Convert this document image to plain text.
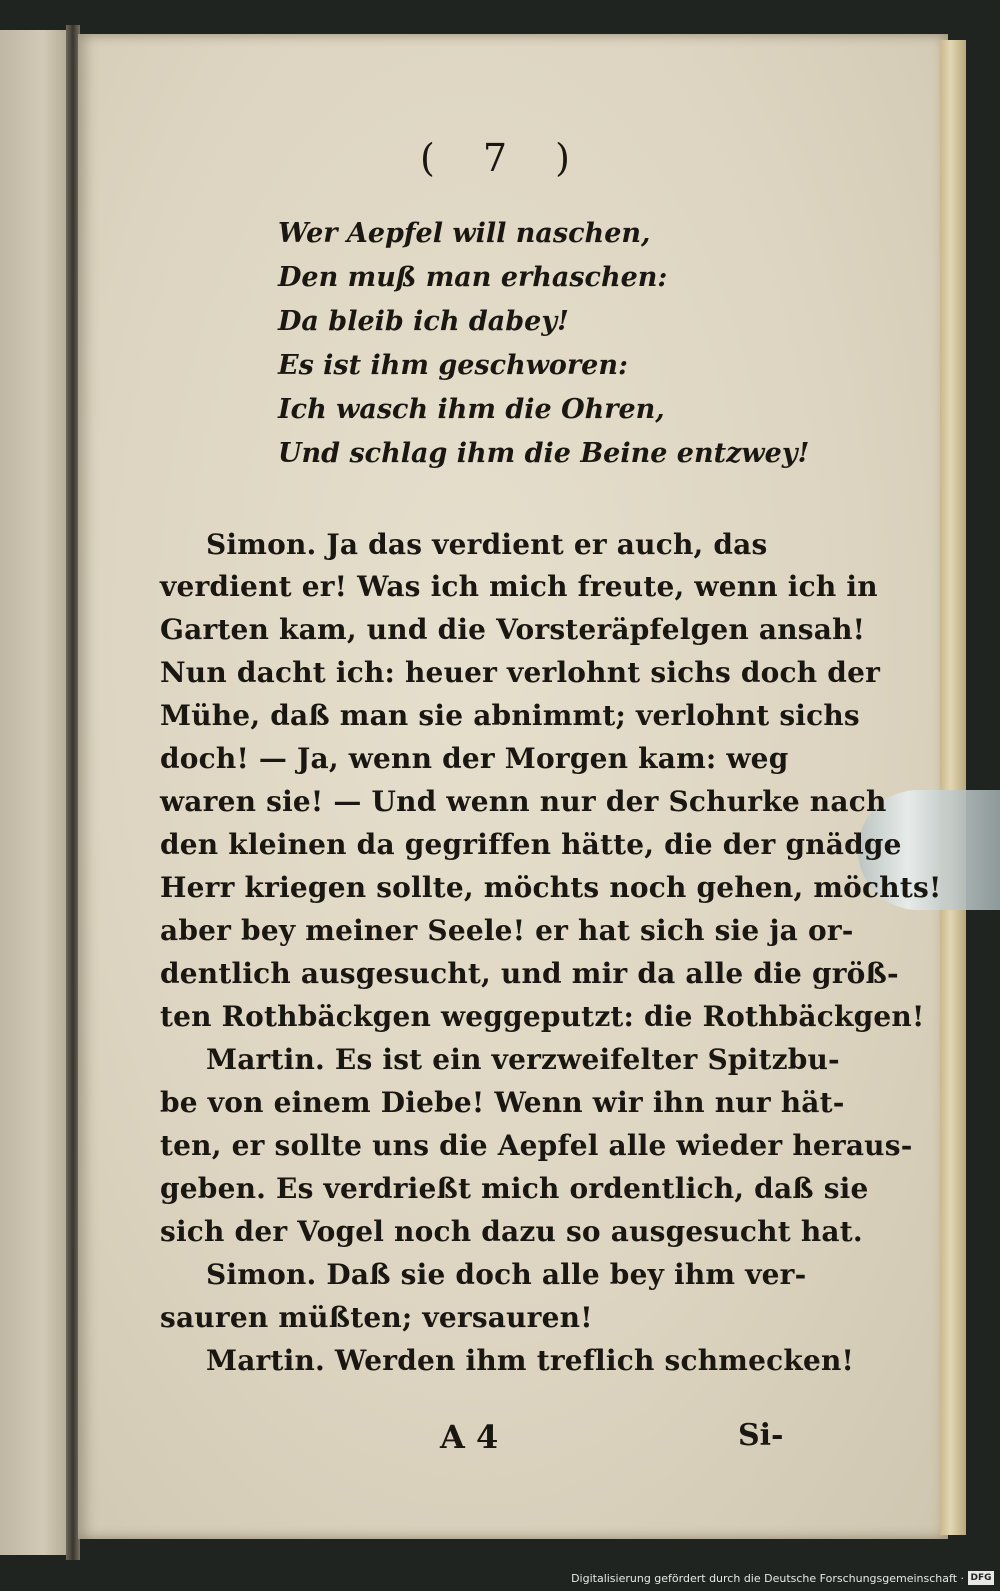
( 7 )
Wer Aepfel will naschen,
Den muß man erhaschen:
Da bleib ich dabey!
Es ist ihm geschworen:
Ich wasch ihm die Ohren,
Und schlag ihm die Beine entzwey!
Simon. Ja das verdient er auch, das
verdient er! Was ich mich freute, wenn ich in
Garten kam, und die Vorsteräpfelgen ansah!
Nun dacht ich: heuer verlohnt sichs doch der
Mühe, daß man sie abnimmt; verlohnt sichs
doch! — Ja, wenn der Morgen kam: weg
waren sie! — Und wenn nur der Schurke nach
den kleinen da gegriffen hätte, die der gnädge
Herr kriegen sollte, möchts noch gehen, möchts!
aber bey meiner Seele! er hat sich sie ja or-
dentlich ausgesucht, und mir da alle die größ-
ten Rothbäckgen weggeputzt: die Rothbäckgen!
Martin. Es ist ein verzweifelter Spitzbu-
be von einem Diebe! Wenn wir ihn nur hät-
ten, er sollte uns die Aepfel alle wieder heraus-
geben. Es verdrießt mich ordentlich, daß sie
sich der Vogel noch dazu so ausgesucht hat.
Simon. Daß sie doch alle bey ihm ver-
sauren müßten; versauren!
Martin. Werden ihm treflich schmecken!
A 4	Si-
Digitalisierung gefördert durch die Deutsche Forschungsgemeinschaft · DFG
